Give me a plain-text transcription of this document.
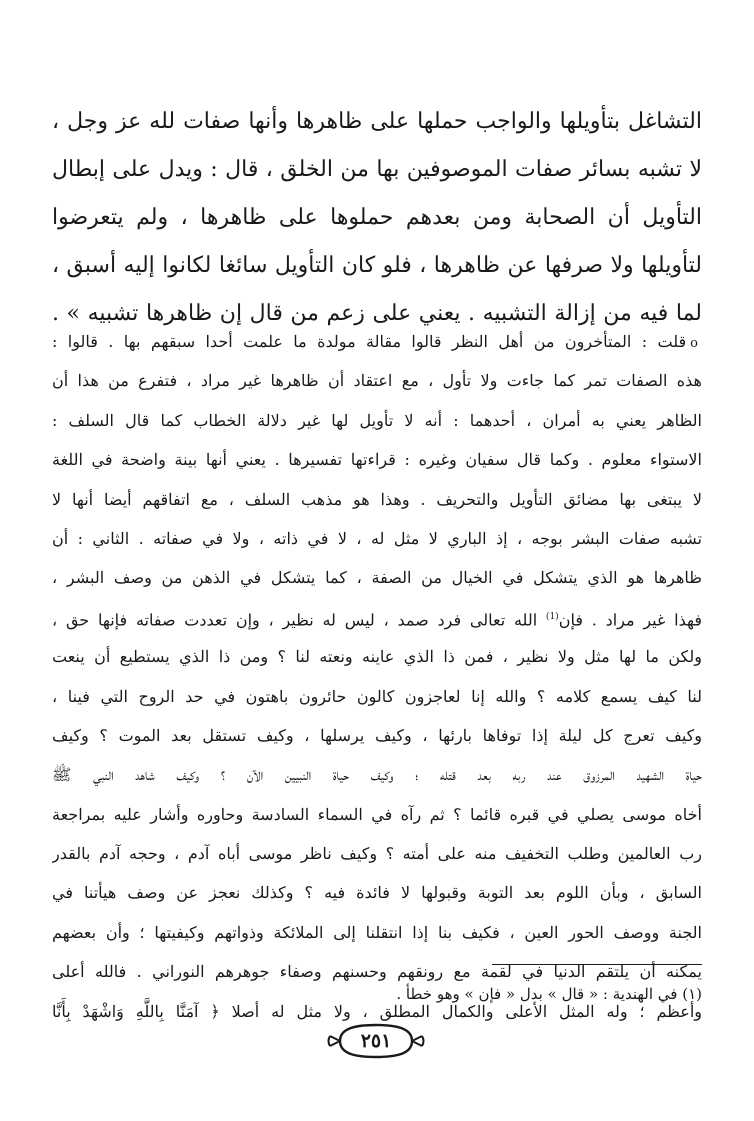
التشاغل بتأويلها والواجب حملها على ظاهرها وأنها صفات لله عز وجل ،
لا تشبه بسائر صفات الموصوفين بها من الخلق ، قال : ويدل على إبطال
التأويل أن الصحابة ومن بعدهم حملوها على ظاهرها ، ولم يتعرضوا
لتأويلها ولا صرفها عن ظاهرها ، فلو كان التأويل سائغا لكانوا إليه أسبق ،
لما فيه من إزالة التشبيه . يعني على زعم من قال إن ظاهرها تشبيه » .
oقلت : المتأخرون من أهل النظر قالوا مقالة مولدة ما علمت أحدا سبقهم بها . قالوا :
هذه الصفات تمر كما جاءت ولا تأول ، مع اعتقاد أن ظاهرها غير مراد ، فتفرع من هذا أن
الظاهر يعني به أمران ، أحدهما : أنه لا تأويل لها غير دلالة الخطاب كما قال السلف :
الاستواء معلوم . وكما قال سفيان وغيره : قراءتها تفسيرها . يعني أنها بينة واضحة في اللغة
لا يبتغى بها مضائق التأويل والتحريف . وهذا هو مذهب السلف ، مع اتفاقهم أيضا أنها لا
تشبه صفات البشر بوجه ، إذ الباري لا مثل له ، لا في ذاته ، ولا في صفاته . الثاني : أن
ظاهرها هو الذي يتشكل في الخيال من الصفة ، كما يتشكل في الذهن من وصف البشر ،
فهذا غير مراد . فإن$^{(1)}$ الله تعالى فرد صمد ، ليس له نظير ، وإن تعددت صفاته فإنها حق ،
ولكن ما لها مثل ولا نظير ، فمن ذا الذي عاينه ونعته لنا ؟ ومن ذا الذي يستطيع أن ينعت
لنا كيف يسمع كلامه ؟ والله إنا لعاجزون كالون حائرون باهتون في حد الروح التي فينا ،
وكيف تعرج كل ليلة إذا توفاها بارئها ، وكيف يرسلها ، وكيف تستقل بعد الموت ؟ وكيف
حياة الشهيد المرزوق عند ربه بعد قتله ؛ وكيف حياة النبيين الآن ؟ وكيف شاهد النبي ﷺ
أخاه موسى يصلي في قبره قائما ؟ ثم رآه في السماء السادسة وحاوره وأشار عليه بمراجعة
رب العالمين وطلب التخفيف منه على أمته ؟ وكيف ناظر موسى أباه آدم ، وحجه آدم بالقدر
السابق ، وبأن اللوم بعد التوبة وقبولها لا فائدة فيه ؟ وكذلك نعجز عن وصف هيأتنا في
الجنة ووصف الحور العين ، فكيف بنا إذا انتقلنا إلى الملائكة وذواتهم وكيفيتها ؛ وأن بعضهم
يمكنه أن يلتقم الدنيا في لقمة مع رونقهم وحسنهم وصفاء جوهرهم النوراني . فالله أعلى
وأعظم ؛ وله المثل الأعلى والكمال المطلق ، ولا مثل له أصلا ﴿ آمَنَّا بِاللَّهِ وَاشْهَدْ بِأَنَّا
(١) في الهندية : « قال » بدل « فإن » وهو خطأ .
٢٥١
